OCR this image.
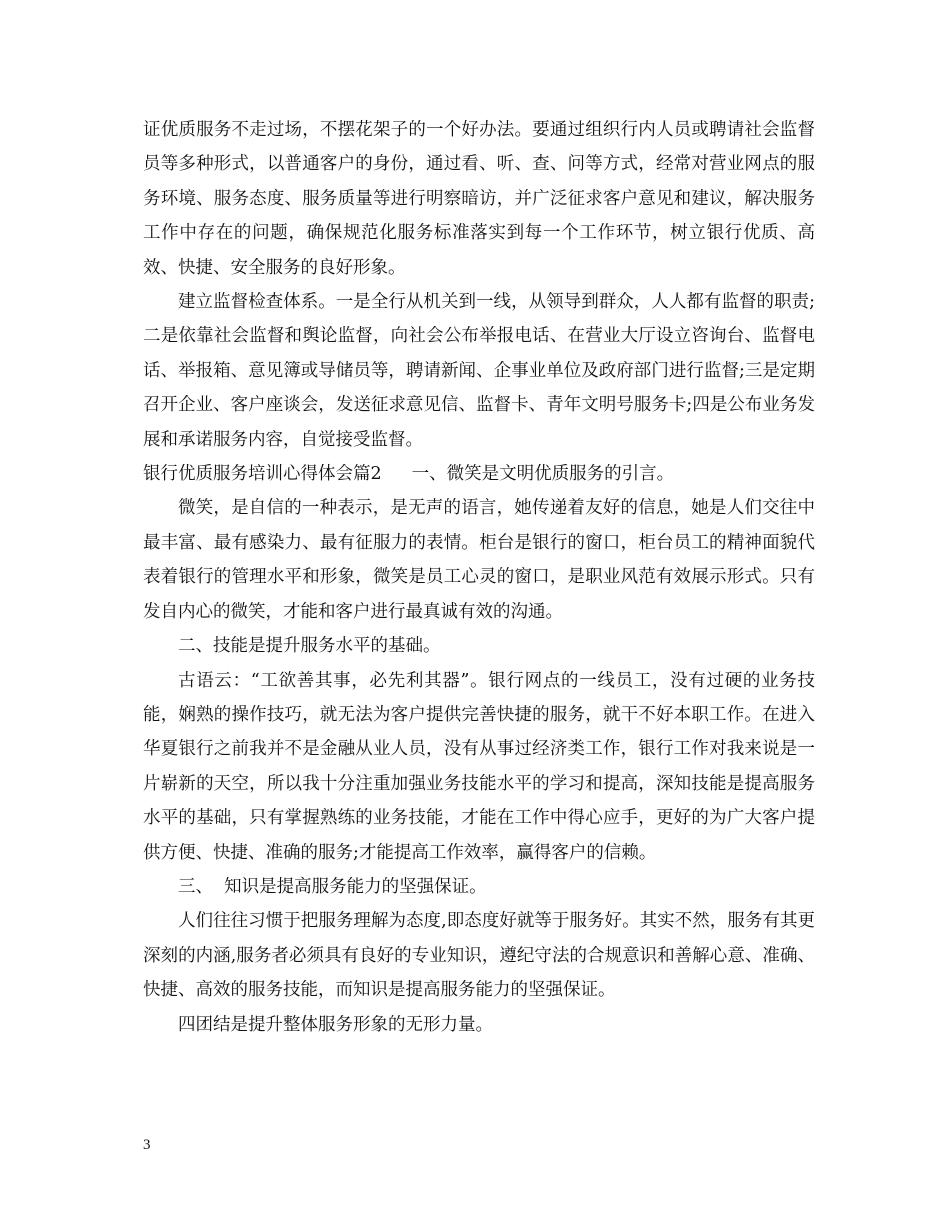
证优质服务不走过场，不摆花架子的一个好办法。要通过组织行内人员或聘请社会监督员等多种形式，以普通客户的身份，通过看、听、查、问等方式，经常对营业网点的服务环境、服务态度、服务质量等进行明察暗访，并广泛征求客户意见和建议，解决服务工作中存在的问题，确保规范化服务标准落实到每一个工作环节，树立银行优质、高效、快捷、安全服务的良好形象。

建立监督检查体系。一是全行从机关到一线，从领导到群众，人人都有监督的职责;二是依靠社会监督和舆论监督，向社会公布举报电话、在营业大厅设立咨询台、监督电话、举报箱、意见簿或导储员等，聘请新闻、企事业单位及政府部门进行监督;三是定期召开企业、客户座谈会，发送征求意见信、监督卡、青年文明号服务卡;四是公布业务发展和承诺服务内容，自觉接受监督。

银行优质服务培训心得体会篇2 一、微笑是文明优质服务的引言。

微笑，是自信的一种表示，是无声的语言，她传递着友好的信息，她是人们交往中最丰富、最有感染力、最有征服力的表情。柜台是银行的窗口，柜台员工的精神面貌代表着银行的管理水平和形象，微笑是员工心灵的窗口，是职业风范有效展示形式。只有发自内心的微笑，才能和客户进行最真诚有效的沟通。

二、技能是提升服务水平的基础。

古语云：“工欲善其事，必先利其器”。银行网点的一线员工，没有过硬的业务技能，娴熟的操作技巧，就无法为客户提供完善快捷的服务，就干不好本职工作。在进入华夏银行之前我并不是金融从业人员，没有从事过经济类工作，银行工作对我来说是一片崭新的天空，所以我十分注重加强业务技能水平的学习和提高，深知技能是提高服务水平的基础，只有掌握熟练的业务技能，才能在工作中得心应手，更好的为广大客户提供方便、快捷、准确的服务;才能提高工作效率，赢得客户的信赖。

三、  知识是提高服务能力的坚强保证。

人们往往习惯于把服务理解为态度,即态度好就等于服务好。其实不然，服务有其更深刻的内涵,服务者必须具有良好的专业知识，遵纪守法的合规意识和善解心意、准确、快捷、高效的服务技能，而知识是提高服务能力的坚强保证。

四团结是提升整体服务形象的无形力量。

3
